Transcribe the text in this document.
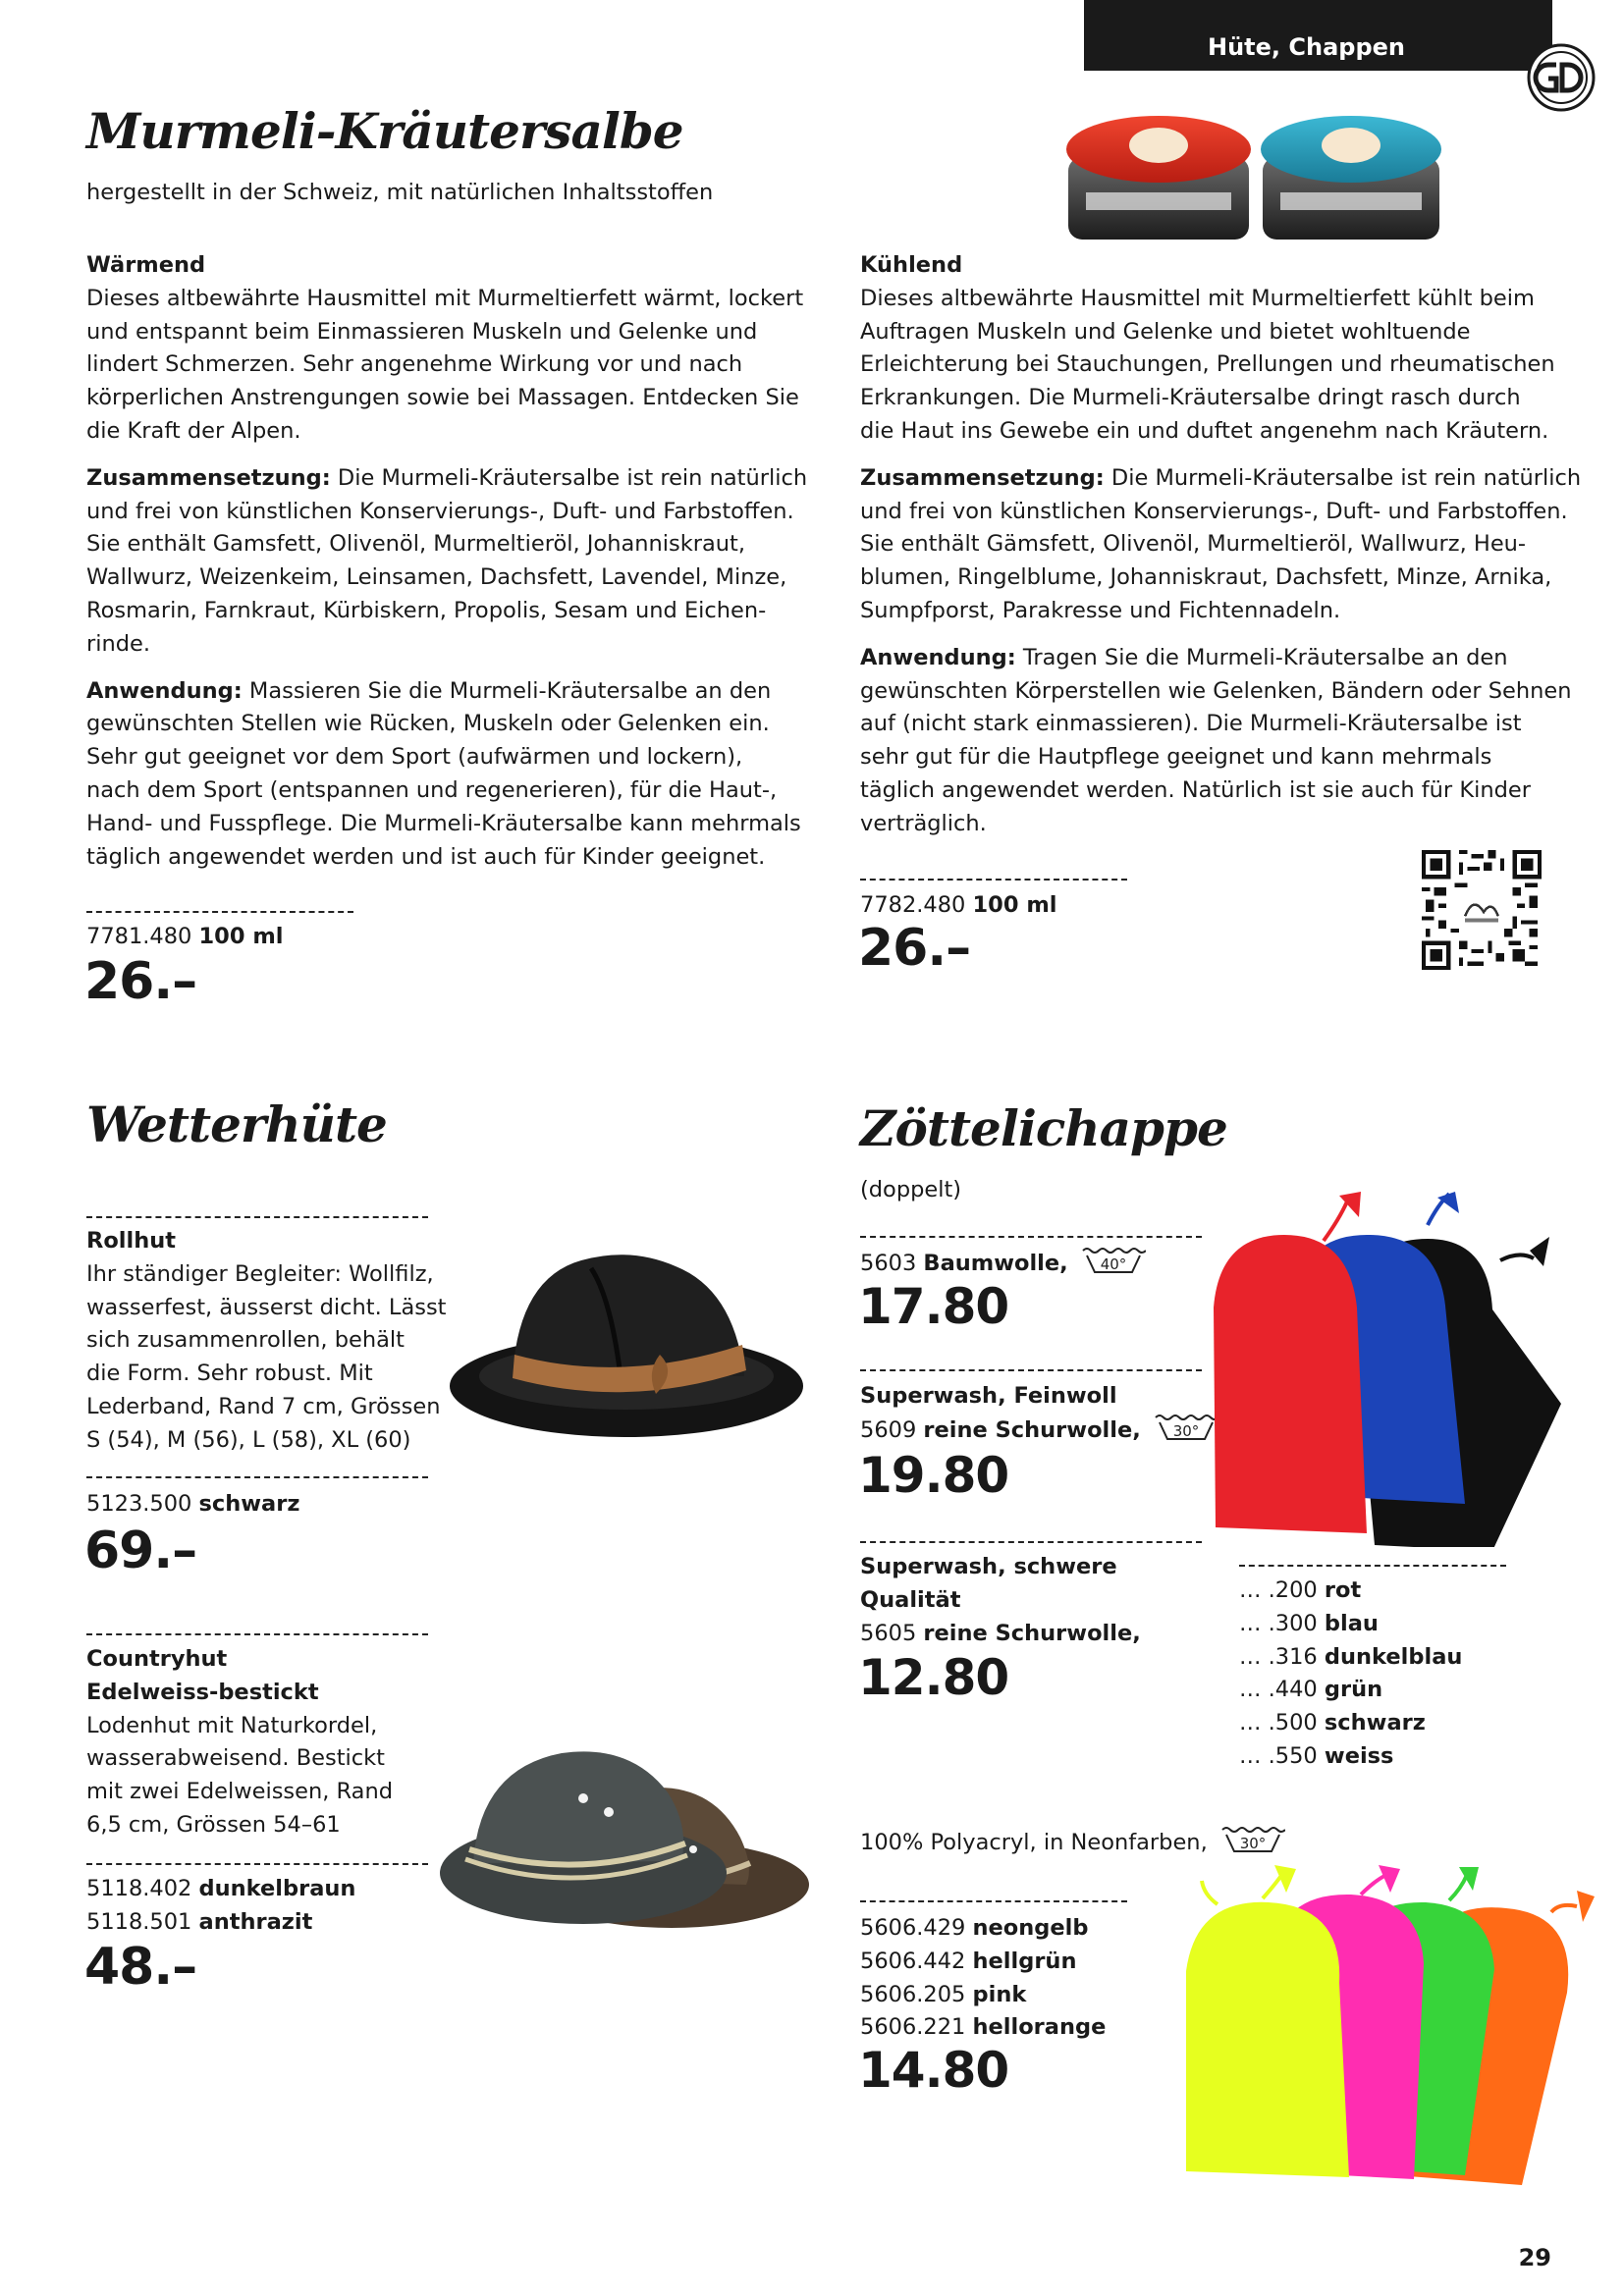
Hüte, Chappen
Murmeli-Kräutersalbe
hergestellt in der Schweiz, mit natürlichen Inhaltsstoffen

Wärmend

Dieses altbewährte Hausmittel mit Murmeltierfett wärmt, lockert

und entspannt beim Einmassieren Muskeln und Gelenke und

lindert Schmerzen. Sehr angenehme Wirkung vor und nach

körperlichen Anstrengungen sowie bei Massagen. Entdecken Sie

die Kraft der Alpen.

Zusammensetzung: Die Murmeli-Kräutersalbe ist rein natürlich

und frei von künstlichen Konservierungs-, Duft- und Farbstoffen.

Sie enthält Gamsfett, Olivenöl, Murmeltieröl, Johanniskraut,

Wallwurz, Weizenkeim, Leinsamen, Dachsfett, Lavendel, Minze,

Rosmarin, Farnkraut, Kürbiskern, Propolis, Sesam und Eichen-

rinde.

Anwendung: Massieren Sie die Murmeli-Kräutersalbe an den

gewünschten Stellen wie Rücken, Muskeln oder Gelenken ein.

Sehr gut geeignet vor dem Sport (aufwärmen und lockern),

nach dem Sport (entspannen und regenerieren), für die Haut-,

Hand- und Fusspflege. Die Murmeli-Kräutersalbe kann mehrmals

täglich angewendet werden und ist auch für Kinder geeignet.

7781.480 100 ml
26.–

Kühlend

Dieses altbewährte Hausmittel mit Murmeltierfett kühlt beim

Auftragen Muskeln und Gelenke und bietet wohltuende

Erleichterung bei Stauchungen, Prellungen und rheumatischen

Erkrankungen. Die Murmeli-Kräutersalbe dringt rasch durch

die Haut ins Gewebe ein und duftet angenehm nach Kräutern.

Zusammensetzung: Die Murmeli-Kräutersalbe ist rein natürlich

und frei von künstlichen Konservierungs-, Duft- und Farbstoffen.

Sie enthält Gämsfett, Olivenöl, Murmeltieröl, Wallwurz, Heu-

blumen, Ringelblume, Johanniskraut, Dachsfett, Minze, Arnika,

Sumpfporst, Parakresse und Fichtennadeln.

Anwendung: Tragen Sie die Murmeli-Kräutersalbe an den

gewünschten Körperstellen wie Gelenken, Bändern oder Sehnen

auf (nicht stark einmassieren). Die Murmeli-Kräutersalbe ist

sehr gut für die Hautpflege geeignet und kann mehrmals

täglich angewendet werden. Natürlich ist sie auch für Kinder

verträglich.

7782.480 100 ml
26.–
Wetterhüte

Rollhut

Ihr ständiger Begleiter: Wollfilz,

wasserfest, äusserst dicht. Lässt

sich zusammenrollen, behält

die Form. Sehr robust. Mit

Lederband, Rand 7 cm, Grössen

S (54), M (56), L (58), XL (60)

5123.500 schwarz
69.–

Countryhut

Edelweiss-bestickt

Lodenhut mit Naturkordel,

wasserabweisend. Bestickt

mit zwei Edelweissen, Rand

6,5 cm, Grössen 54–61

5118.402 dunkelbraun

5118.501 anthrazit

48.–
Zöttelichappe
(doppelt)
5603 Baumwolle, 40°
17.80

Superwash, Feinwoll

5609 reine Schurwolle, 30°

19.80

Superwash, schwere

Qualität

5605 reine Schurwolle,

12.80

… .200 rot

… .300 blau

… .316 dunkelblau

… .440 grün

… .500 schwarz

… .550 weiss

100% Polyacryl, in Neonfarben, 30°

5606.429 neongelb

5606.442 hellgrün

5606.205 pink

5606.221 hellorange

14.80
29
